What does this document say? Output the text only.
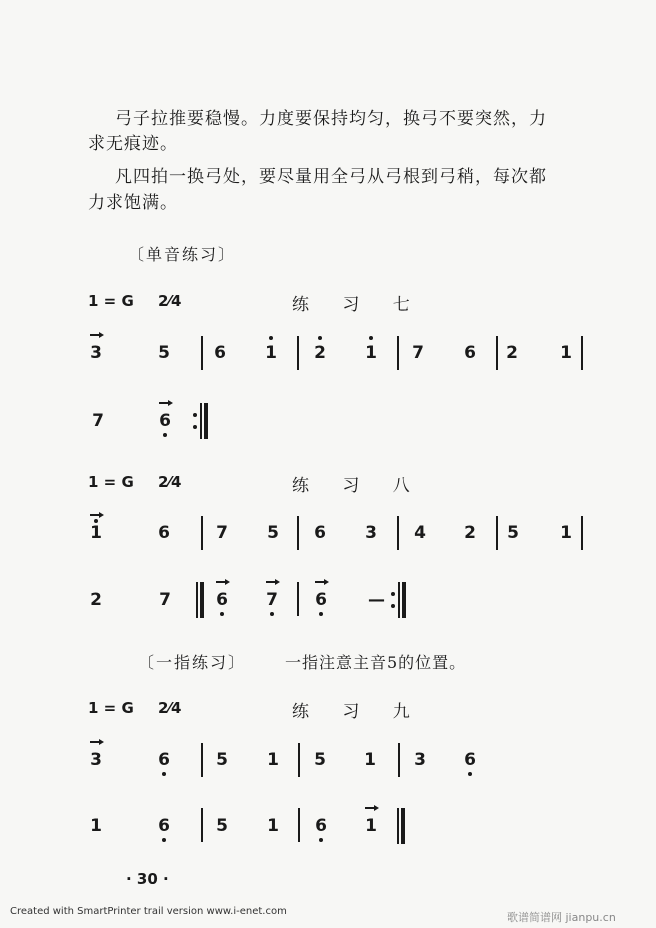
弓子拉推要稳慢。力度要保持均匀，换弓不要突然，力
求无痕迹。
凡四拍一换弓处，要尽量用全弓从弓根到弓稍，每次都
力求饱满。
〔单音练习〕
1 = G 2⁄4	练 习 七
3	5	6 1 2 1 7 6 2 1
7	6
1 = G 2⁄4	练 习 八
1	6	7 5 6 3 4 2 5 1
2	7	6 7 6 —
〔一指练习〕 一指注意主音5的位置。
1 = G 2⁄4	练 习 九
3	6	5 1 5 1 3 6
1	6	5 1 6 1
· 30 ·
Created with SmartPrinter trail version www.i-enet.com	歌谱简谱网 jianpu.cn
